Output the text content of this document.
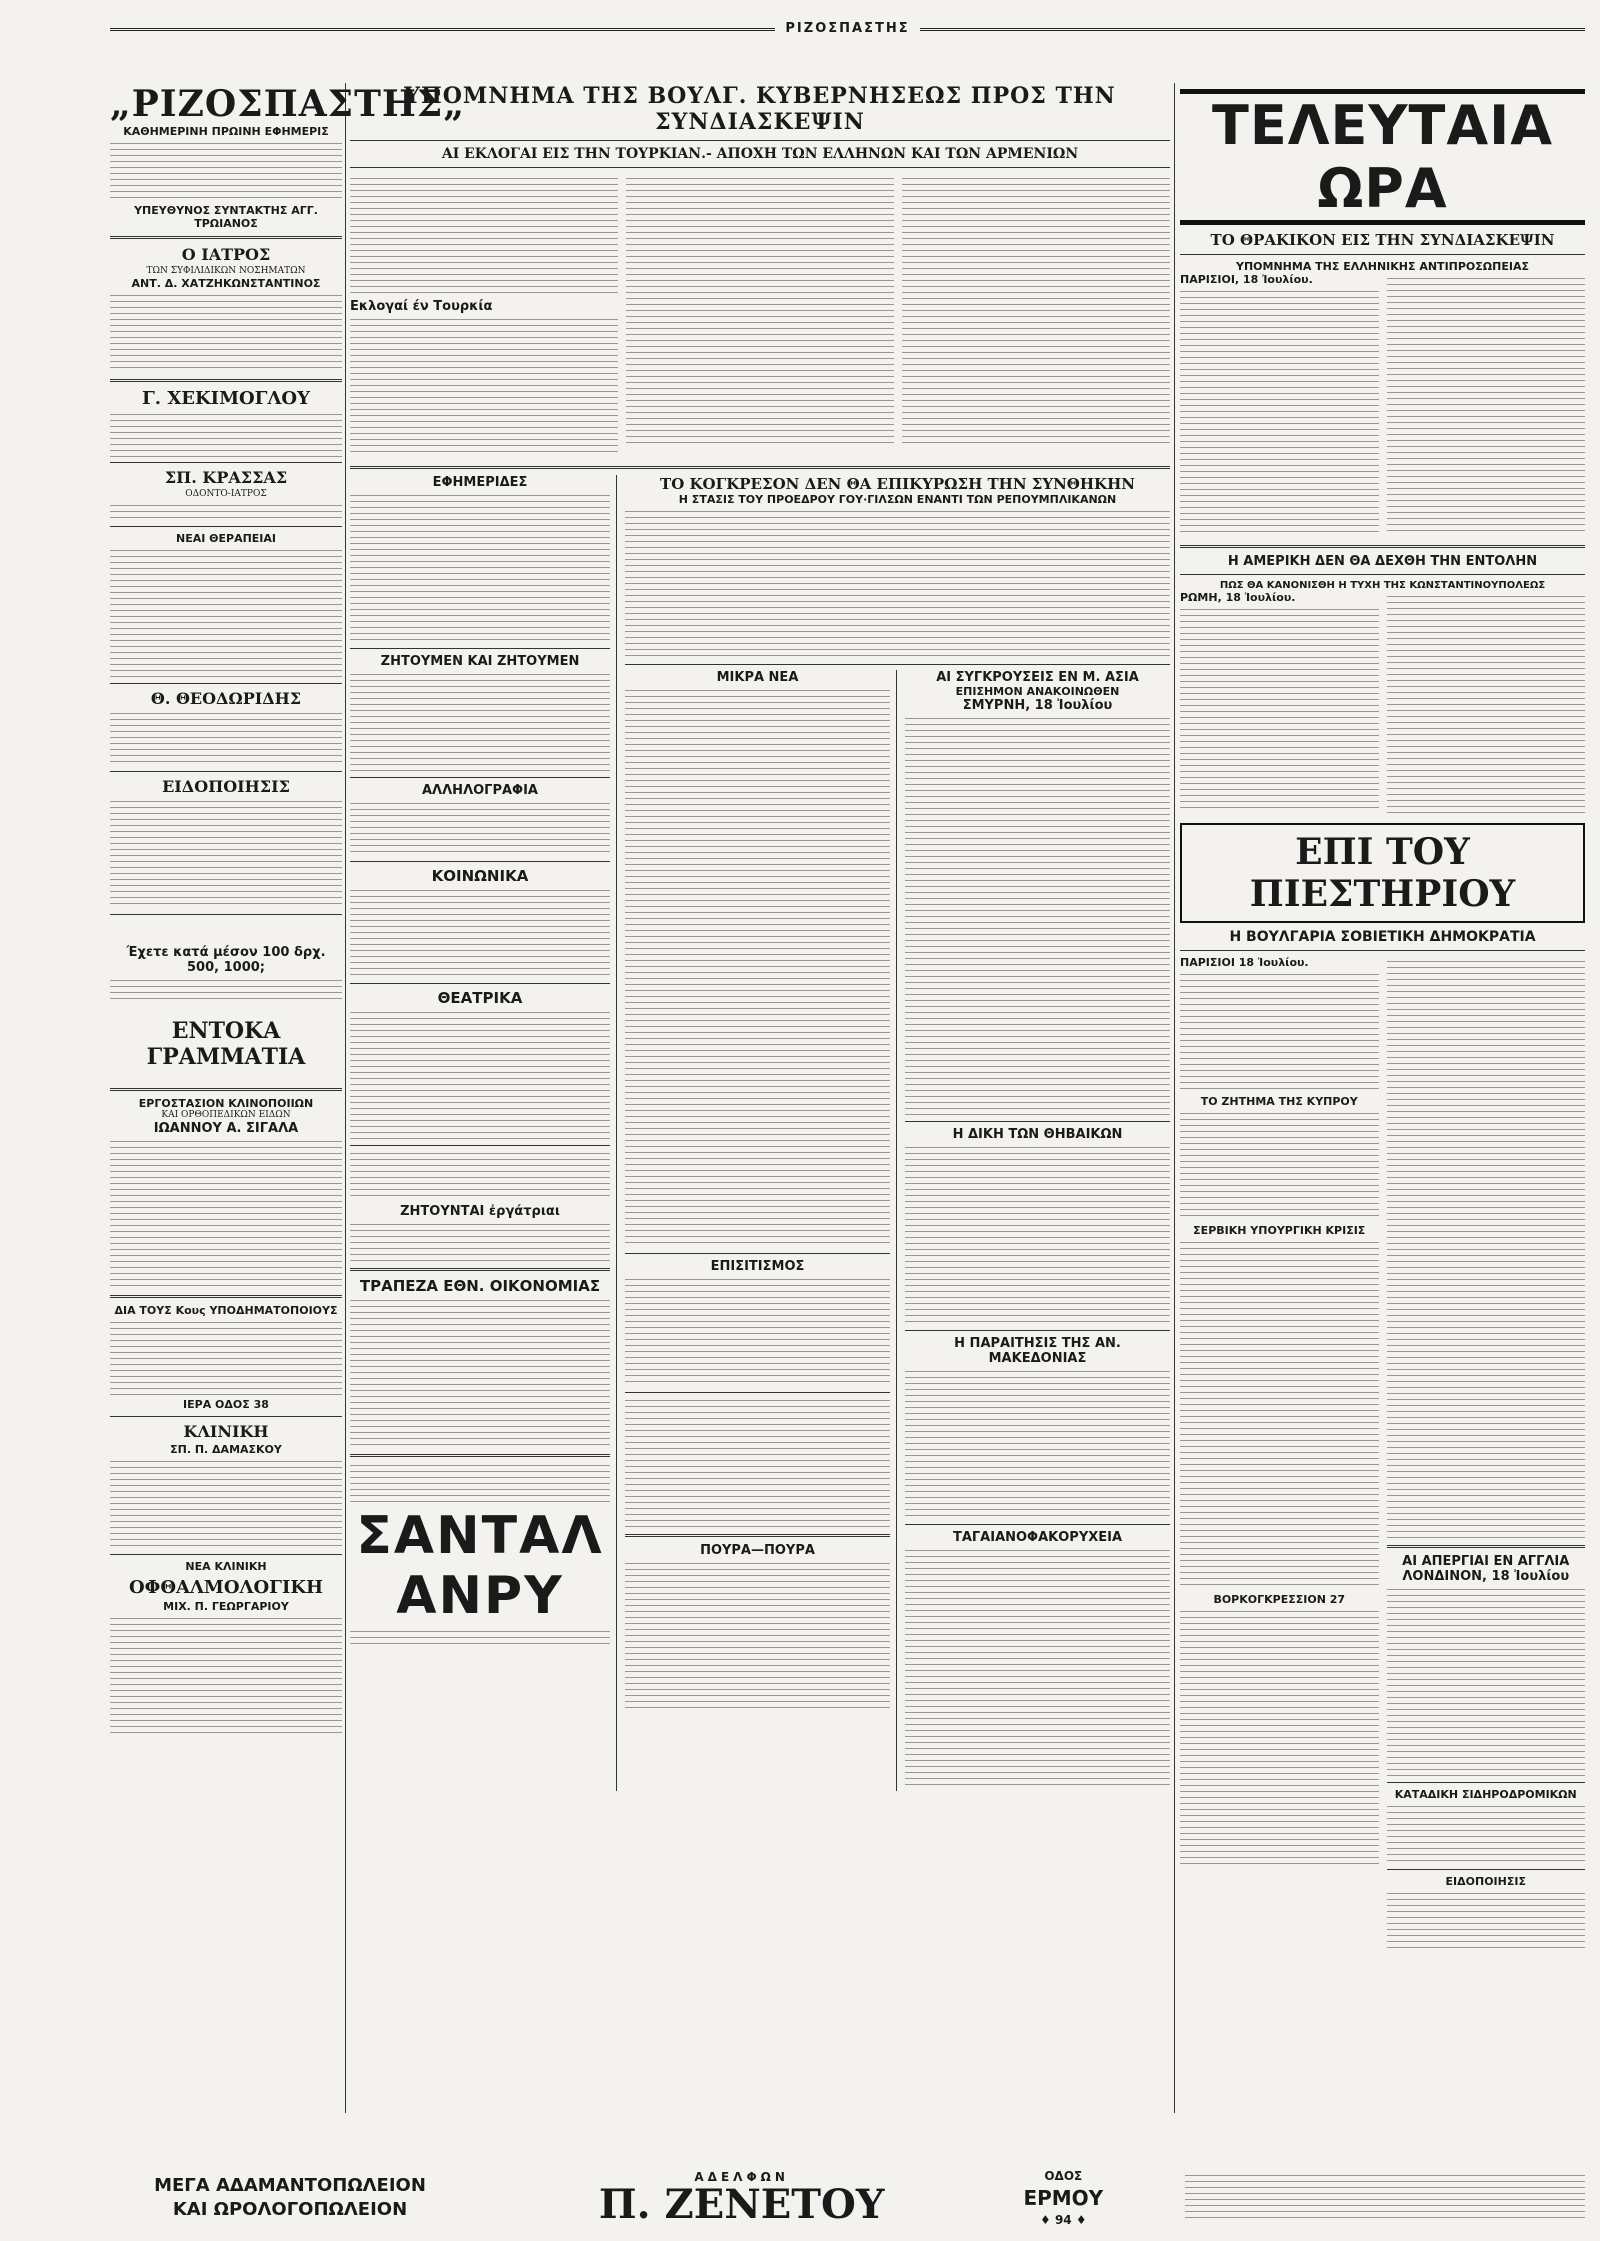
ΡΙΖΟΣΠΑΣΤΗΣ
„ΡΙΖΟΣΠΑΣΤΗΣ„
ΚΑΘΗΜΕΡΙΝΗ ΠΡΩΙΝΗ ΕΦΗΜΕΡΙΣ
ΥΠΕΥΘΥΝΟΣ ΣΥΝΤΑΚΤΗΣ ΑΓΓ. ΤΡΩΙΑΝΟΣ
Ο ΙΑΤΡΟΣ
ΤΩΝ ΣΥΦΙΛΙΔΙΚΩΝ ΝΟΣΗΜΑΤΩΝ
ΑΝΤ. Δ. ΧΑΤΖΗΚΩΝΣΤΑΝΤΙΝΟΣ
Γ. ΧΕΚΙΜΟΓΛΟΥ
ΣΠ. ΚΡΑΣΣΑΣ
ΟΔΟΝΤΟ-ΙΑΤΡΟΣ
ΝΕΑΙ ΘΕΡΑΠΕΙΑΙ
Θ. ΘΕΟΔΩΡΙΔΗΣ
ΕΙΔΟΠΟΙΗΣΙΣ
Έχετε κατά μέσον 100 δρχ. 500, 1000;
ΕΝΤΟΚΑ ΓΡΑΜΜΑΤΙΑ
ΕΡΓΟΣΤΑΣΙΟΝ ΚΛΙΝΟΠΟΙΙΩΝ
ΚΑΙ ΟΡΘΟΠΕΔΙΚΩΝ ΕΙΔΩΝ
ΙΩΑΝΝΟΥ Α. ΣΙΓΑΛΑ
ΔΙΑ ΤΟΥΣ Κους ΥΠΟΔΗΜΑΤΟΠΟΙΟΥΣ
ΙΕΡΑ ΟΔΟΣ 38
ΚΛΙΝΙΚΗ
ΣΠ. Π. ΔΑΜΑΣΚΟΥ
ΝΕΑ ΚΛΙΝΙΚΗ
ΟΦΘΑΛΜΟΛΟΓΙΚΗ
ΜΙΧ. Π. ΓΕΩΡΓΑΡΙΟΥ
ΥΠΟΜΝΗΜΑ ΤΗΣ ΒΟΥΛΓ. ΚΥΒΕΡΝΗΣΕΩΣ ΠΡΟΣ ΤΗΝ ΣΥΝΔΙΑΣΚΕΨΙΝ
ΑΙ ΕΚΛΟΓΑΙ ΕΙΣ ΤΗΝ ΤΟΥΡΚΙΑΝ.- ΑΠΟΧΗ ΤΩΝ ΕΛΛΗΝΩΝ ΚΑΙ ΤΩΝ ΑΡΜΕΝΙΩΝ
Εκλογαί έν Τουρκία
ΕΦΗΜΕΡΙΔΕΣ
ΖΗΤΟΥΜΕΝ ΚΑΙ ΖΗΤΟΥΜΕΝ
ΑΛΛΗΛΟΓΡΑΦΙΑ
ΚΟΙΝΩΝΙΚΑ
ΘΕΑΤΡΙΚΑ
ΖΗΤΟΥΝΤΑΙ ἐργάτριαι
ΤΡΑΠΕΖΑ ΕΘΝ. ΟΙΚΟΝΟΜΙΑΣ
ΣΑΝΤΑΛ
ΑΝΡΥ
ΤΟ ΚΟΓΚΡΕΣΟΝ ΔΕΝ ΘΑ ΕΠΙΚΥΡΩΣΗ ΤΗΝ ΣΥΝΘΗΚΗΝ
Η ΣΤΑΣΙΣ ΤΟΥ ΠΡΟΕΔΡΟΥ ΓΟΥ·ΓΙΛΣΩΝ ΕΝΑΝΤΙ ΤΩΝ ΡΕΠΟΥΜΠΛΙΚΑΝΩΝ
ΜΙΚΡΑ ΝΕΑ
ΕΠΙΣΙΤΙΣΜΟΣ
ΠΟΥΡΑ—ΠΟΥΡΑ
ΑΙ ΣΥΓΚΡΟΥΣΕΙΣ ΕΝ Μ. ΑΣΙΑ
ΕΠΙΣΗΜΟΝ ΑΝΑΚΟΙΝΩΘΕΝ
ΣΜΥΡΝΗ, 18 Ἰουλίου
Η ΔΙΚΗ ΤΩΝ ΘΗΒΑΙΚΩΝ
Η ΠΑΡΑΙΤΗΣΙΣ ΤΗΣ ΑΝ. ΜΑΚΕΔΟΝΙΑΣ
ΤΑΓΑΙΑΝΟΦΑΚΟΡΥΧΕΙΑ
ΤΕΛΕΥΤΑΙΑ ΩΡΑ
ΤΟ ΘΡΑΚΙΚΟΝ ΕΙΣ ΤΗΝ ΣΥΝΔΙΑΣΚΕΨΙΝ
ΥΠΟΜΝΗΜΑ ΤΗΣ ΕΛΛΗΝΙΚΗΣ ΑΝΤΙΠΡΟΣΩΠΕΙΑΣ
ΠΑΡΙΣΙΟΙ, 18 Ἰουλίου.
Η ΑΜΕΡΙΚΗ ΔΕΝ ΘΑ ΔΕΧΘΗ ΤΗΝ ΕΝΤΟΛΗΝ
ΠΩΣ ΘΑ ΚΑΝΟΝΙΣΘΗ Η ΤΥΧΗ ΤΗΣ ΚΩΝΣΤΑΝΤΙΝΟΥΠΟΛΕΩΣ
ΡΩΜΗ, 18 Ἰουλίου.
ΕΠΙ ΤΟΥ ΠΙΕΣΤΗΡΙΟΥ
Η ΒΟΥΛΓΑΡΙΑ ΣΟΒΙΕΤΙΚΗ ΔΗΜΟΚΡΑΤΙΑ
ΠΑΡΙΣΙΟΙ 18 Ἰουλίου.
ΤΟ ΖΗΤΗΜΑ ΤΗΣ ΚΥΠΡΟΥ
ΣΕΡΒΙΚΗ ΥΠΟΥΡΓΙΚΗ ΚΡΙΣΙΣ
ΒΟΡΚΟΓΚΡΕΣΣΙΟΝ 27
ΑΙ ΑΠΕΡΓΙΑΙ ΕΝ ΑΓΓΛΙΑ
ΛΟΝΔΙΝΟΝ, 18 Ἰουλίου
ΚΑΤΑΔΙΚΗ ΣΙΔΗΡΟΔΡΟΜΙΚΩΝ
ΕΙΔΟΠΟΙΗΣΙΣ
ΜΕΓΑ ΑΔΑΜΑΝΤΟΠΩΛΕΙΟΝ
ΚΑΙ ΩΡΟΛΟΓΟΠΩΛΕΙΟΝ
ΑΔΕΛΦΩΝ
Π. ΖΕΝΕΤΟΥ
ΟΔΟΣ
ΕΡΜΟΥ
♦ 94 ♦
